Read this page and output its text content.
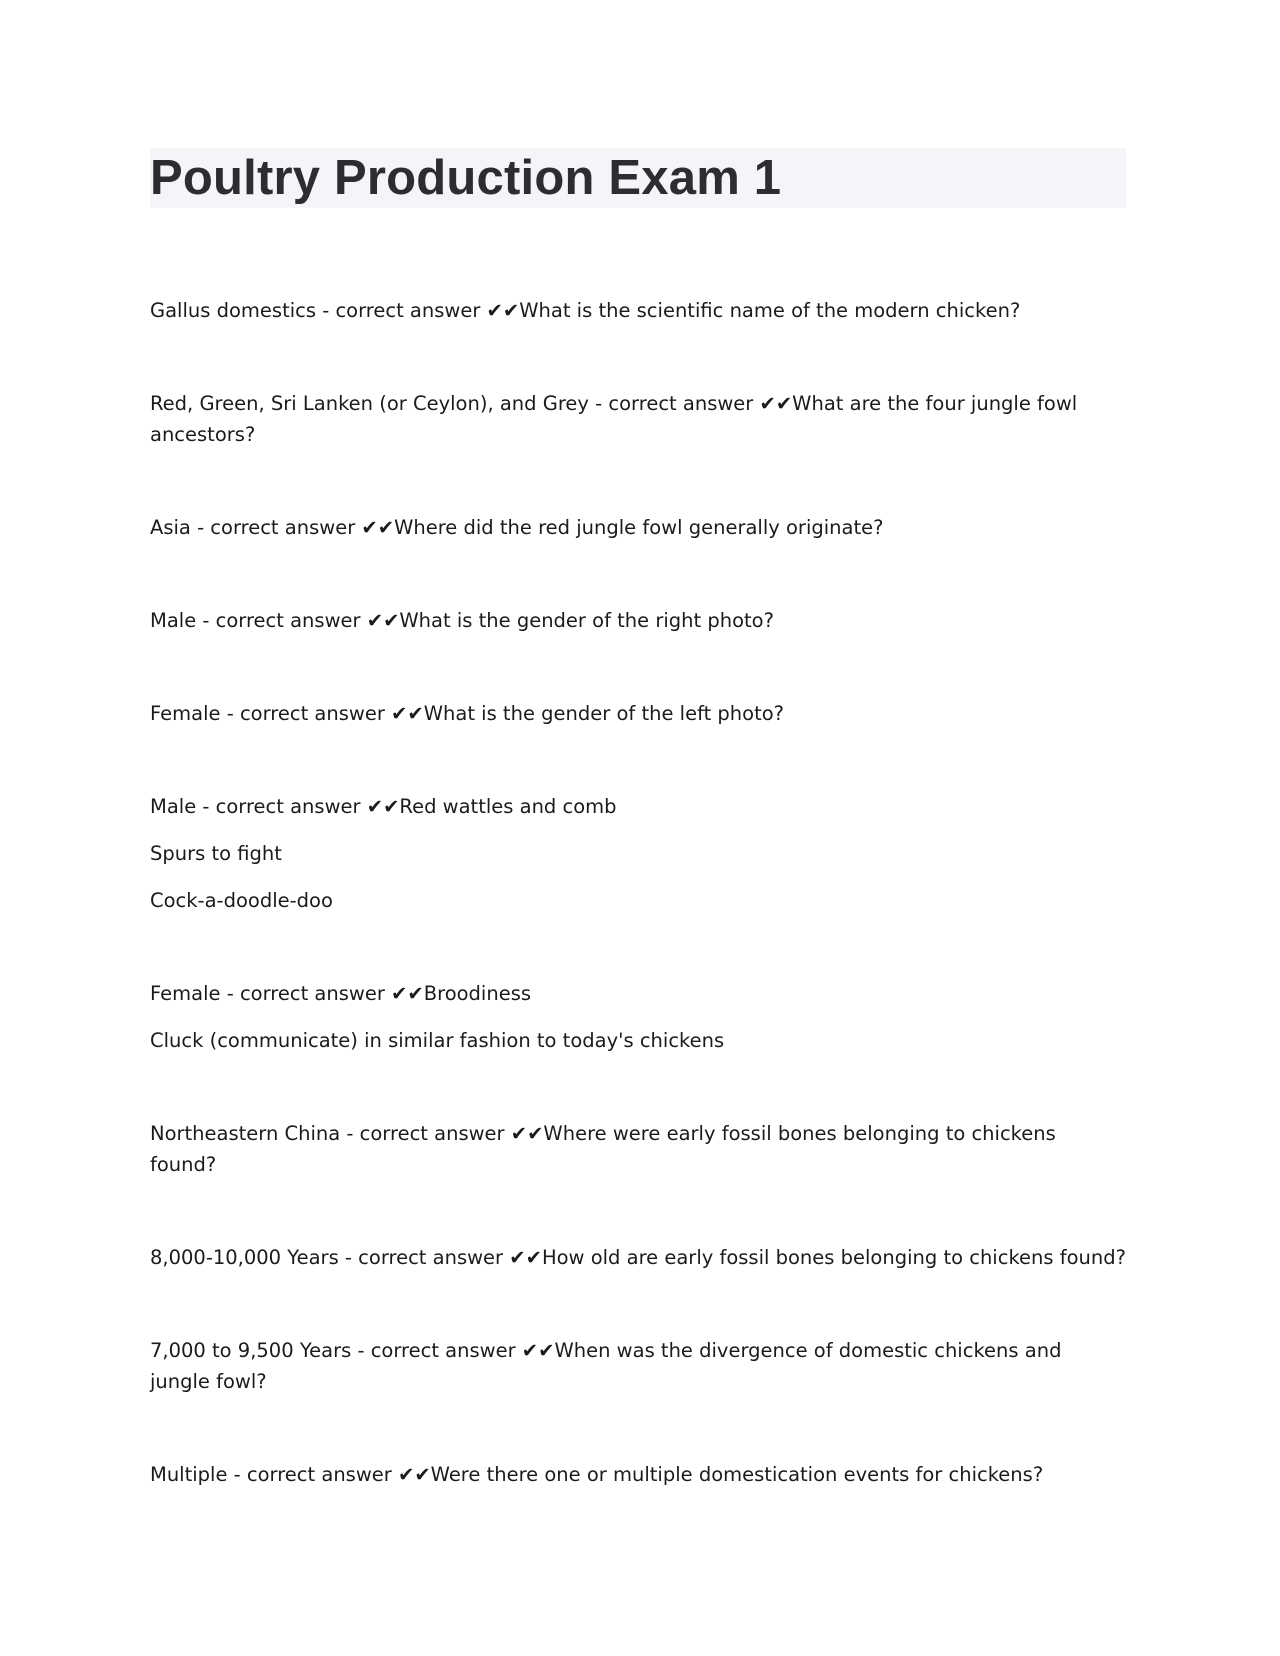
Poultry Production Exam 1

Gallus domestics - correct answer ✔✔What is the scientific name of the modern chicken?

Red, Green, Sri Lanken (or Ceylon), and Grey - correct answer ✔✔What are the four jungle fowl ancestors?

Asia - correct answer ✔✔Where did the red jungle fowl generally originate?

Male - correct answer ✔✔What is the gender of the right photo?

Female - correct answer ✔✔What is the gender of the left photo?

Male - correct answer ✔✔Red wattles and comb

Spurs to fight

Cock-a-doodle-doo

Female - correct answer ✔✔Broodiness

Cluck (communicate) in similar fashion to today's chickens

Northeastern China - correct answer ✔✔Where were early fossil bones belonging to chickens found?

8,000-10,000 Years - correct answer ✔✔How old are early fossil bones belonging to chickens found?

7,000 to 9,500 Years - correct answer ✔✔When was the divergence of domestic chickens and jungle fowl?

Multiple - correct answer ✔✔Were there one or multiple domestication events for chickens?
